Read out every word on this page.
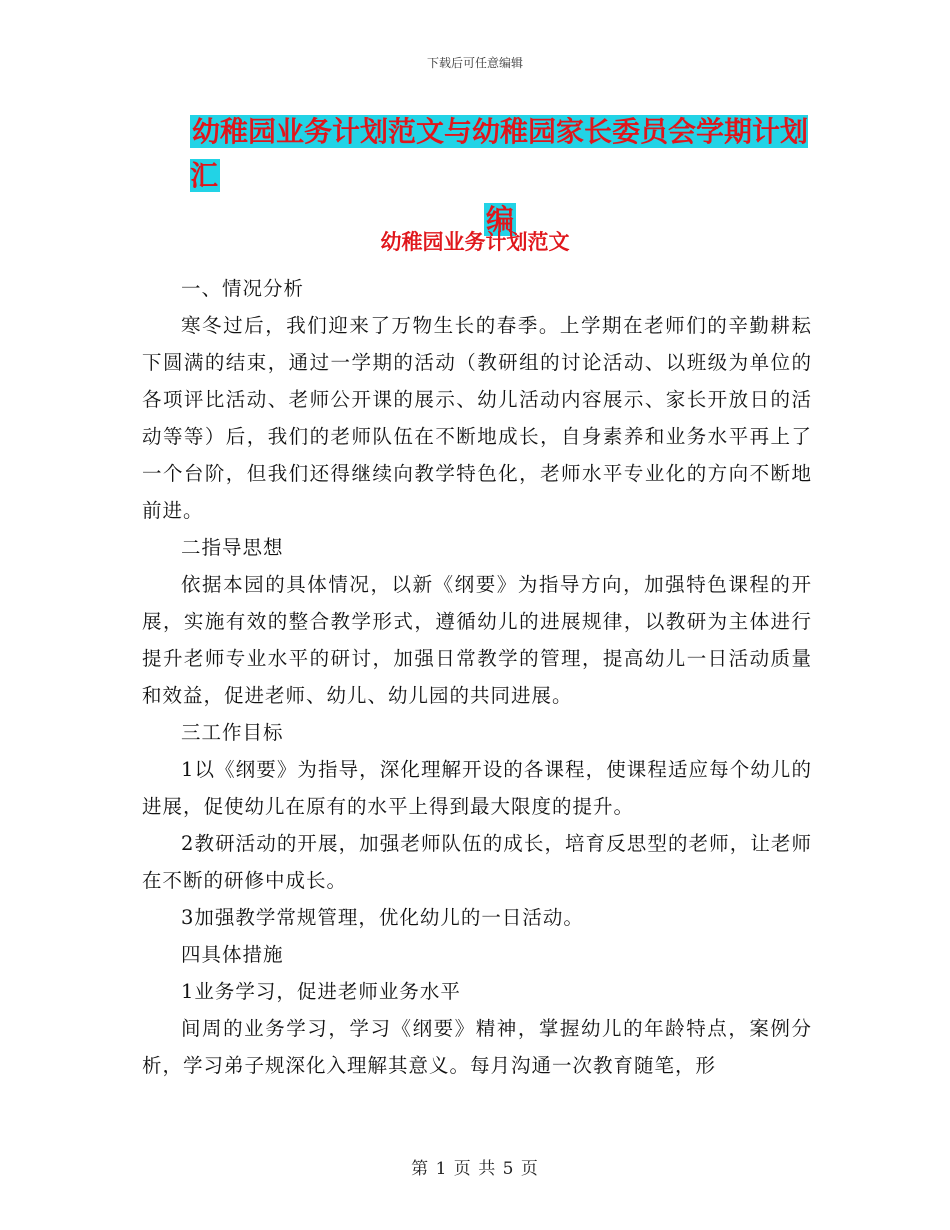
下载后可任意编辑
幼稚园业务计划范文与幼稚园家长委员会学期计划汇
编
幼稚园业务计划范文

一、情况分析

寒冬过后，我们迎来了万物生长的春季。上学期在老师们的辛勤耕耘下圆满的结束，通过一学期的活动（教研组的讨论活动、以班级为单位的各项评比活动、老师公开课的展示、幼儿活动内容展示、家长开放日的活动等等）后，我们的老师队伍在不断地成长，自身素养和业务水平再上了一个台阶，但我们还得继续向教学特色化，老师水平专业化的方向不断地前进。

二指导思想

依据本园的具体情况，以新《纲要》为指导方向，加强特色课程的开展，实施有效的整合教学形式，遵循幼儿的进展规律，以教研为主体进行提升老师专业水平的研讨，加强日常教学的管理，提高幼儿一日活动质量和效益，促进老师、幼儿、幼儿园的共同进展。

三工作目标

1以《纲要》为指导，深化理解开设的各课程，使课程适应每个幼儿的进展，促使幼儿在原有的水平上得到最大限度的提升。

2教研活动的开展，加强老师队伍的成长，培育反思型的老师，让老师在不断的研修中成长。

3加强教学常规管理，优化幼儿的一日活动。

四具体措施

1业务学习，促进老师业务水平

间周的业务学习，学习《纲要》精神，掌握幼儿的年龄特点，案例分析，学习弟子规深化入理解其意义。每月沟通一次教育随笔，形

第 1 页 共 5 页
